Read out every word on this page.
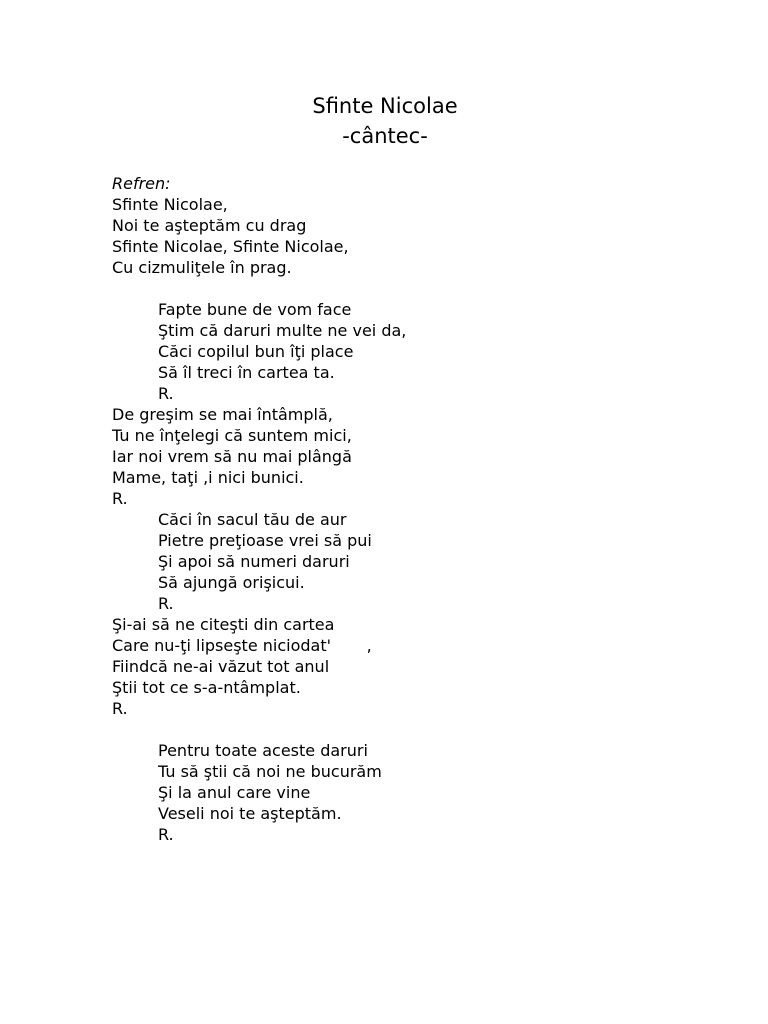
Sfinte Nicolae
-cântec-
Refren:
Sfinte Nicolae,
Noi te aşteptăm cu drag
Sfinte Nicolae, Sfinte Nicolae,
Cu cizmuliţele în prag.
Fapte bune de vom face
Ştim că daruri multe ne vei da,
Căci copilul bun îţi place
Să îl treci în cartea ta.
R.
De greşim se mai întâmplă,
Tu ne înţelegi că suntem mici,
Iar noi vrem să nu mai plângă
Mame, taţi ,i nici bunici.
R.
Căci în sacul tău de aur
Pietre preţioase vrei să pui
Şi apoi să numeri daruri
Să ajungă orişicui.
R.
Şi-ai să ne citeşti din cartea
Care nu-ţi lipseşte niciodat'       ,
Fiindcă ne-ai văzut tot anul
Ştii tot ce s-a-ntâmplat.
R.
Pentru toate aceste daruri
Tu să ştii că noi ne bucurăm
Şi la anul care vine
Veseli noi te aşteptăm.
R.
